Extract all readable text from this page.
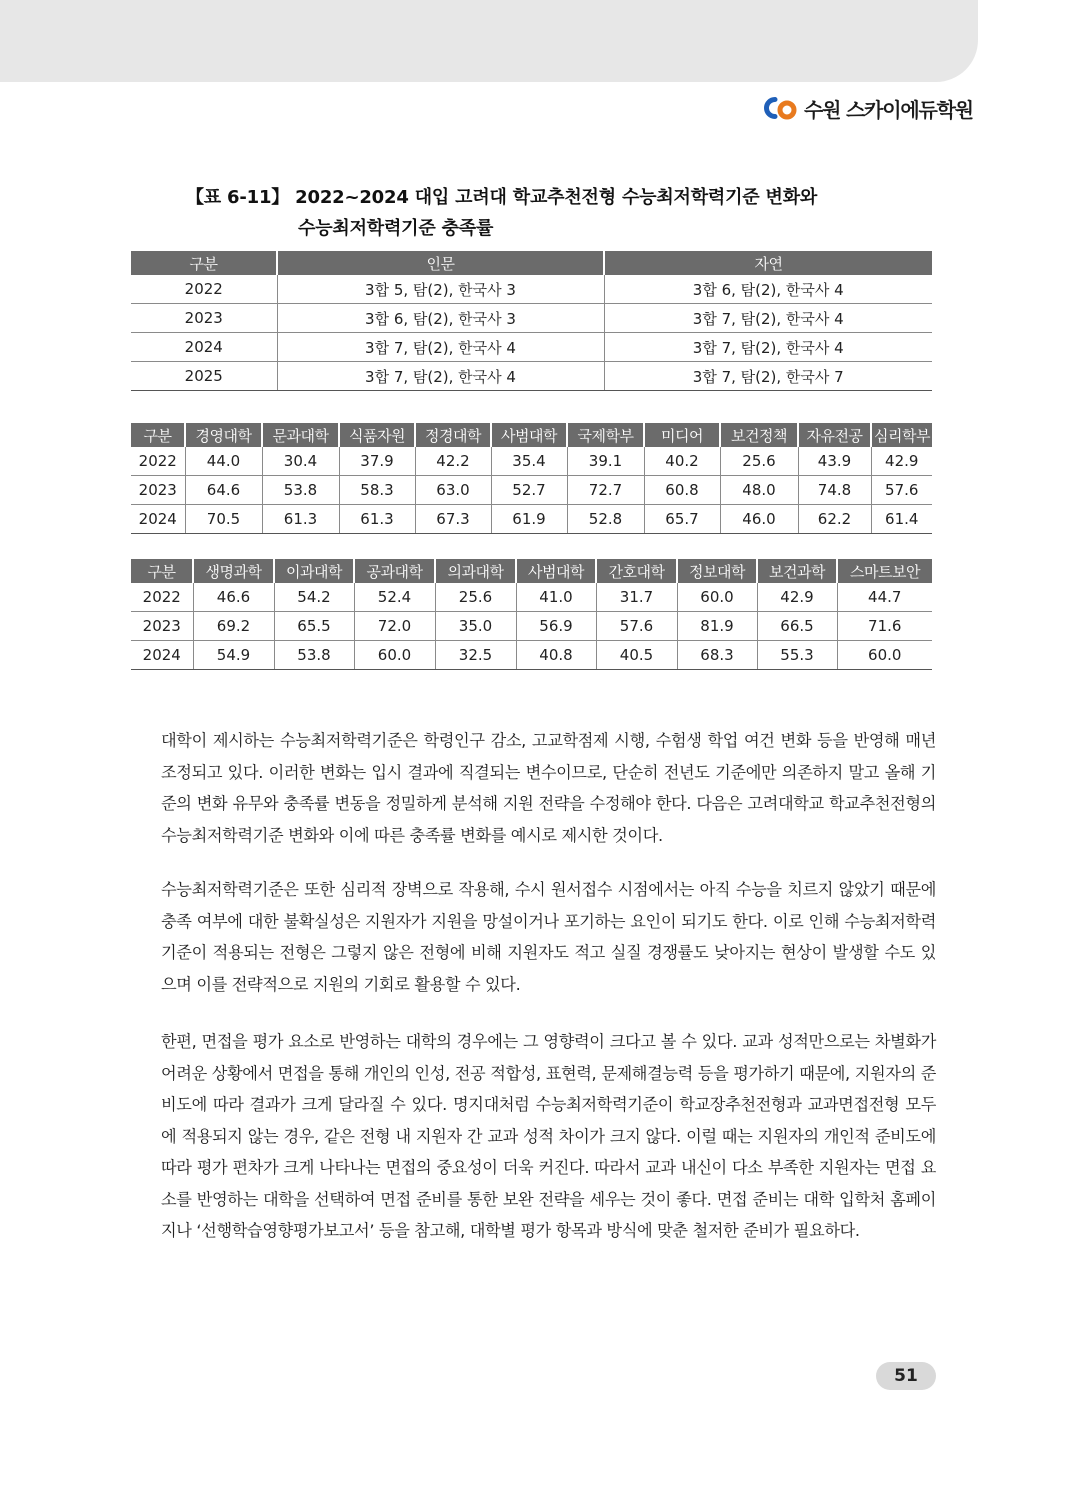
수원 스카이에듀학원
【표 6-11】 2022~2024 대입 고려대 학교추천전형 수능최저학력기준 변화와
수능최저학력기준 충족률
구분	인문	자연
2022	3합 5, 탐(2), 한국사 3	3합 6, 탐(2), 한국사 4
2023	3합 6, 탐(2), 한국사 3	3합 7, 탐(2), 한국사 4
2024	3합 7, 탐(2), 한국사 4	3합 7, 탐(2), 한국사 4
2025	3합 7, 탐(2), 한국사 4	3합 7, 탐(2), 한국사 7
구분	경영대학	문과대학	식품자원	정경대학	사범대학	국제학부	미디어	보건정책	자유전공	심리학부
2022	44.0	30.4	37.9	42.2	35.4	39.1	40.2	25.6	43.9	42.9
2023	64.6	53.8	58.3	63.0	52.7	72.7	60.8	48.0	74.8	57.6
2024	70.5	61.3	61.3	67.3	61.9	52.8	65.7	46.0	62.2	61.4
구분	생명과학	이과대학	공과대학	의과대학	사범대학	간호대학	정보대학	보건과학	스마트보안
2022	46.6	54.2	52.4	25.6	41.0	31.7	60.0	42.9	44.7
2023	69.2	65.5	72.0	35.0	56.9	57.6	81.9	66.5	71.6
2024	54.9	53.8	60.0	32.5	40.8	40.5	68.3	55.3	60.0

대학이 제시하는 수능최저학력기준은 학령인구 감소, 고교학점제 시행, 수험생 학업 여건 변화 등을 반영해 매년 조정되고 있다. 이러한 변화는 입시 결과에 직결되는 변수이므로, 단순히 전년도 기준에만 의존하지 말고 올해 기준의 변화 유무와 충족률 변동을 정밀하게 분석해 지원 전략을 수정해야 한다. 다음은 고려대학교 학교추천전형의 수능최저학력기준 변화와 이에 따른 충족률 변화를 예시로 제시한 것이다.

수능최저학력기준은 또한 심리적 장벽으로 작용해, 수시 원서접수 시점에서는 아직 수능을 치르지 않았기 때문에 충족 여부에 대한 불확실성은 지원자가 지원을 망설이거나 포기하는 요인이 되기도 한다. 이로 인해 수능최저학력기준이 적용되는 전형은 그렇지 않은 전형에 비해 지원자도 적고 실질 경쟁률도 낮아지는 현상이 발생할 수도 있으며 이를 전략적으로 지원의 기회로 활용할 수 있다.

한편, 면접을 평가 요소로 반영하는 대학의 경우에는 그 영향력이 크다고 볼 수 있다. 교과 성적만으로는 차별화가 어려운 상황에서 면접을 통해 개인의 인성, 전공 적합성, 표현력, 문제해결능력 등을 평가하기 때문에, 지원자의 준비도에 따라 결과가 크게 달라질 수 있다. 명지대처럼 수능최저학력기준이 학교장추천전형과 교과면접전형 모두에 적용되지 않는 경우, 같은 전형 내 지원자 간 교과 성적 차이가 크지 않다. 이럴 때는 지원자의 개인적 준비도에 따라 평가 편차가 크게 나타나는 면접의 중요성이 더욱 커진다. 따라서 교과 내신이 다소 부족한 지원자는 면접 요소를 반영하는 대학을 선택하여 면접 준비를 통한 보완 전략을 세우는 것이 좋다. 면접 준비는 대학 입학처 홈페이지나 ‘선행학습영향평가보고서’ 등을 참고해, 대학별 평가 항목과 방식에 맞춘 철저한 준비가 필요하다.

51
